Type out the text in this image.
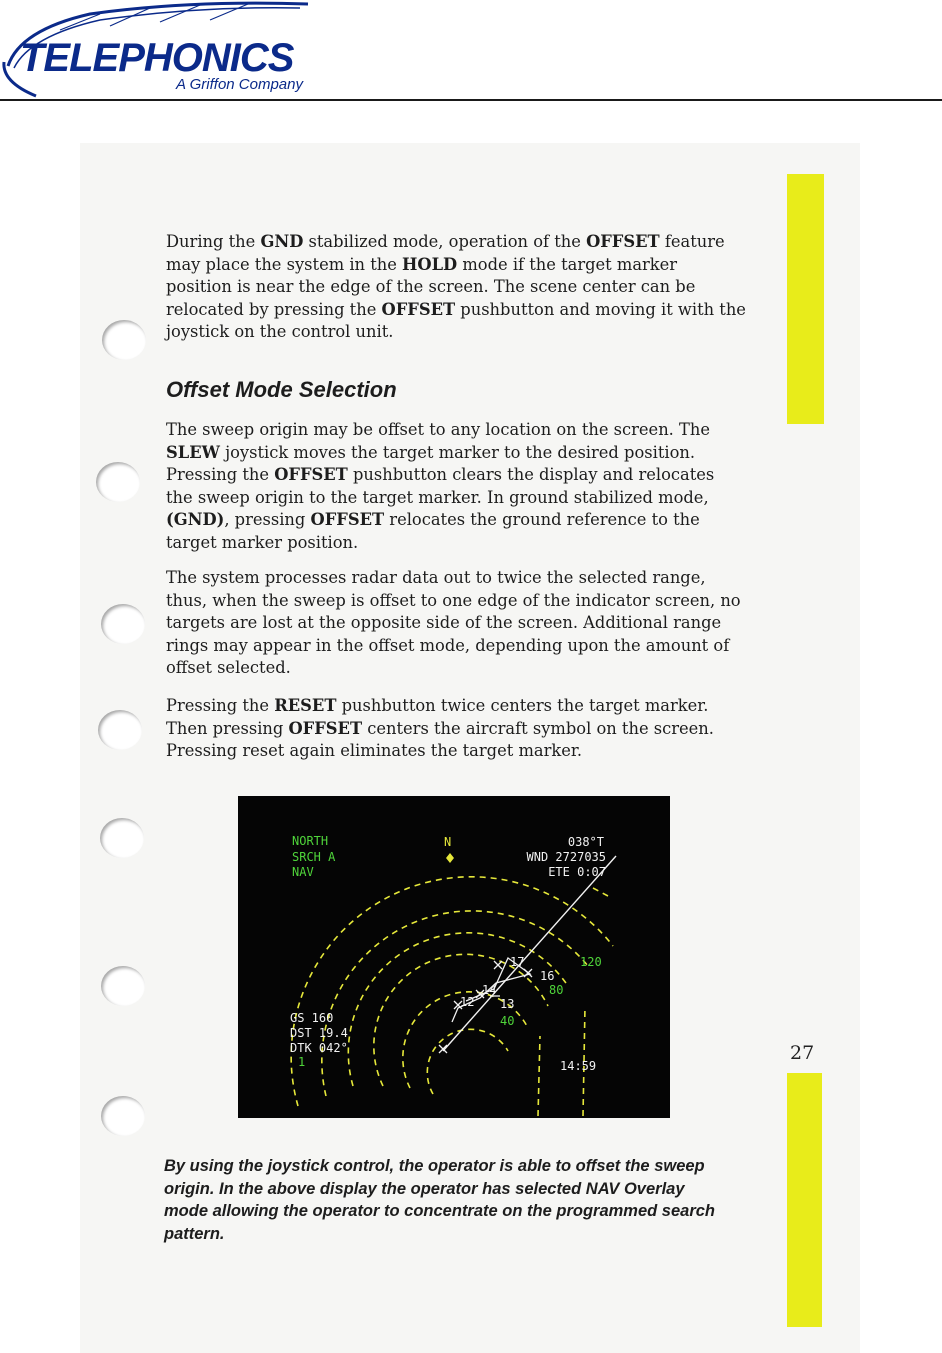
TELEPHONICS
A Griffon Company
27

During the GND stabilized mode, operation of the OFFSET feature may place the system in the HOLD mode if the target marker position is near the edge of the screen. The scene center can be relocated by pressing the OFFSET pushbutton and moving it with the joystick on the control unit.

Offset Mode Selection

The sweep origin may be offset to any location on the screen. The SLEW joystick moves the target marker to the desired position. Pressing the OFFSET pushbutton clears the display and relocates the sweep origin to the target marker. In ground stabilized mode, (GND), pressing OFFSET relocates the ground reference to the target marker position.

The system processes radar data out to twice the selected range, thus, when the sweep is offset to one edge of the indicator screen, no targets are lost at the opposite side of the screen. Additional range rings may appear in the offset mode, depending upon the amount of offset selected.

Pressing the RESET pushbutton twice centers the target marker. Then pressing OFFSET centers the aircraft symbol on the screen. Pressing reset again eliminates the target marker.

NORTH
SRCH A
NAV
N	038°T
WND 2727035
ETE 0:07
120
80
40
17
16
14
13
12
GS 160
DST 19.4
DTK 042°
1	14:59

By using the joystick control, the operator is able to offset the sweep origin. In the above display the operator has selected NAV Overlay mode allowing the operator to concentrate on the programmed search pattern.
